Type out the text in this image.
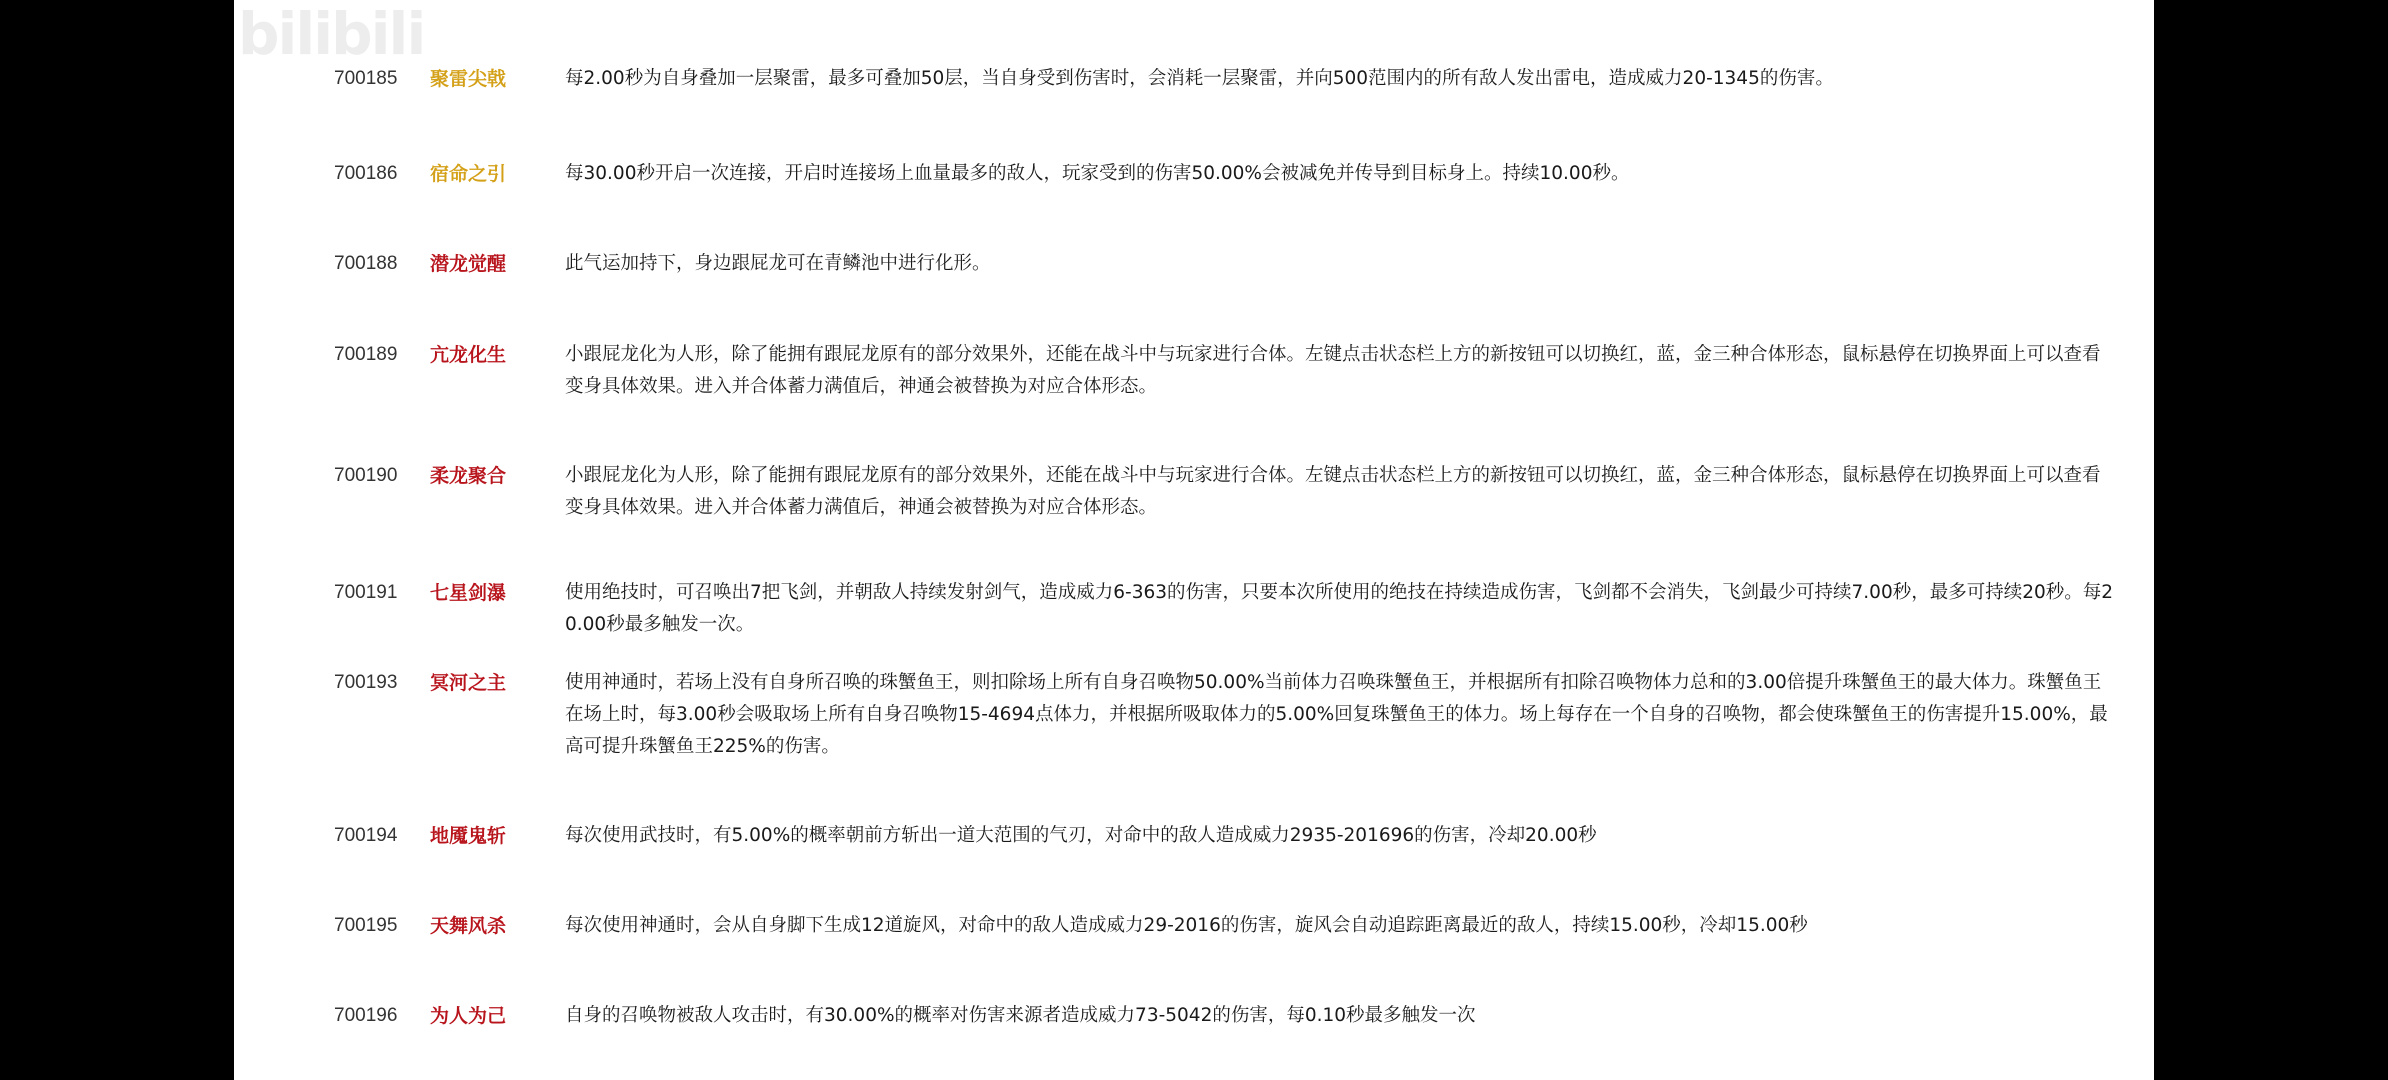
bilibili
700185	聚雷尖戟	每2.00秒为自身叠加一层聚雷，最多可叠加50层，当自身受到伤害时，会消耗一层聚雷，并向500范围内的所有敌人发出雷电，造成威力20-1345的伤害。
700186	宿命之引	每30.00秒开启一次连接，开启时连接场上血量最多的敌人，玩家受到的伤害50.00%会被减免并传导到目标身上。持续10.00秒。
700188	潜龙觉醒	此气运加持下，身边跟屁龙可在青鳞池中进行化形。
700189	亢龙化生	小跟屁龙化为人形，除了能拥有跟屁龙原有的部分效果外，还能在战斗中与玩家进行合体。左键点击状态栏上方的新按钮可以切换红，蓝，金三种合体形态，鼠标悬停在切换界面上可以查看变身具体效果。进入并合体蓄力满值后，神通会被替换为对应合体形态。
700190	柔龙聚合	小跟屁龙化为人形，除了能拥有跟屁龙原有的部分效果外，还能在战斗中与玩家进行合体。左键点击状态栏上方的新按钮可以切换红，蓝，金三种合体形态，鼠标悬停在切换界面上可以查看变身具体效果。进入并合体蓄力满值后，神通会被替换为对应合体形态。
700191	七星剑瀑	使用绝技时，可召唤出7把飞剑，并朝敌人持续发射剑气，造成威力6-363的伤害，只要本次所使用的绝技在持续造成伤害，飞剑都不会消失，飞剑最少可持续7.00秒，最多可持续20秒。每20.00秒最多触发一次。
700193	冥河之主	使用神通时，若场上没有自身所召唤的珠蟹鱼王，则扣除场上所有自身召唤物50.00%当前体力召唤珠蟹鱼王，并根据所有扣除召唤物体力总和的3.00倍提升珠蟹鱼王的最大体力。珠蟹鱼王在场上时，每3.00秒会吸取场上所有自身召唤物15-4694点体力，并根据所吸取体力的5.00%回复珠蟹鱼王的体力。场上每存在一个自身的召唤物，都会使珠蟹鱼王的伤害提升15.00%，最高可提升珠蟹鱼王225%的伤害。
700194	地魇鬼斩	每次使用武技时，有5.00%的概率朝前方斩出一道大范围的气刃，对命中的敌人造成威力2935-201696的伤害，冷却20.00秒
700195	天舞风杀	每次使用神通时，会从自身脚下生成12道旋风，对命中的敌人造成威力29-2016的伤害，旋风会自动追踪距离最近的敌人，持续15.00秒，冷却15.00秒
700196	为人为己	自身的召唤物被敌人攻击时，有30.00%的概率对伤害来源者造成威力73-5042的伤害，每0.10秒最多触发一次
